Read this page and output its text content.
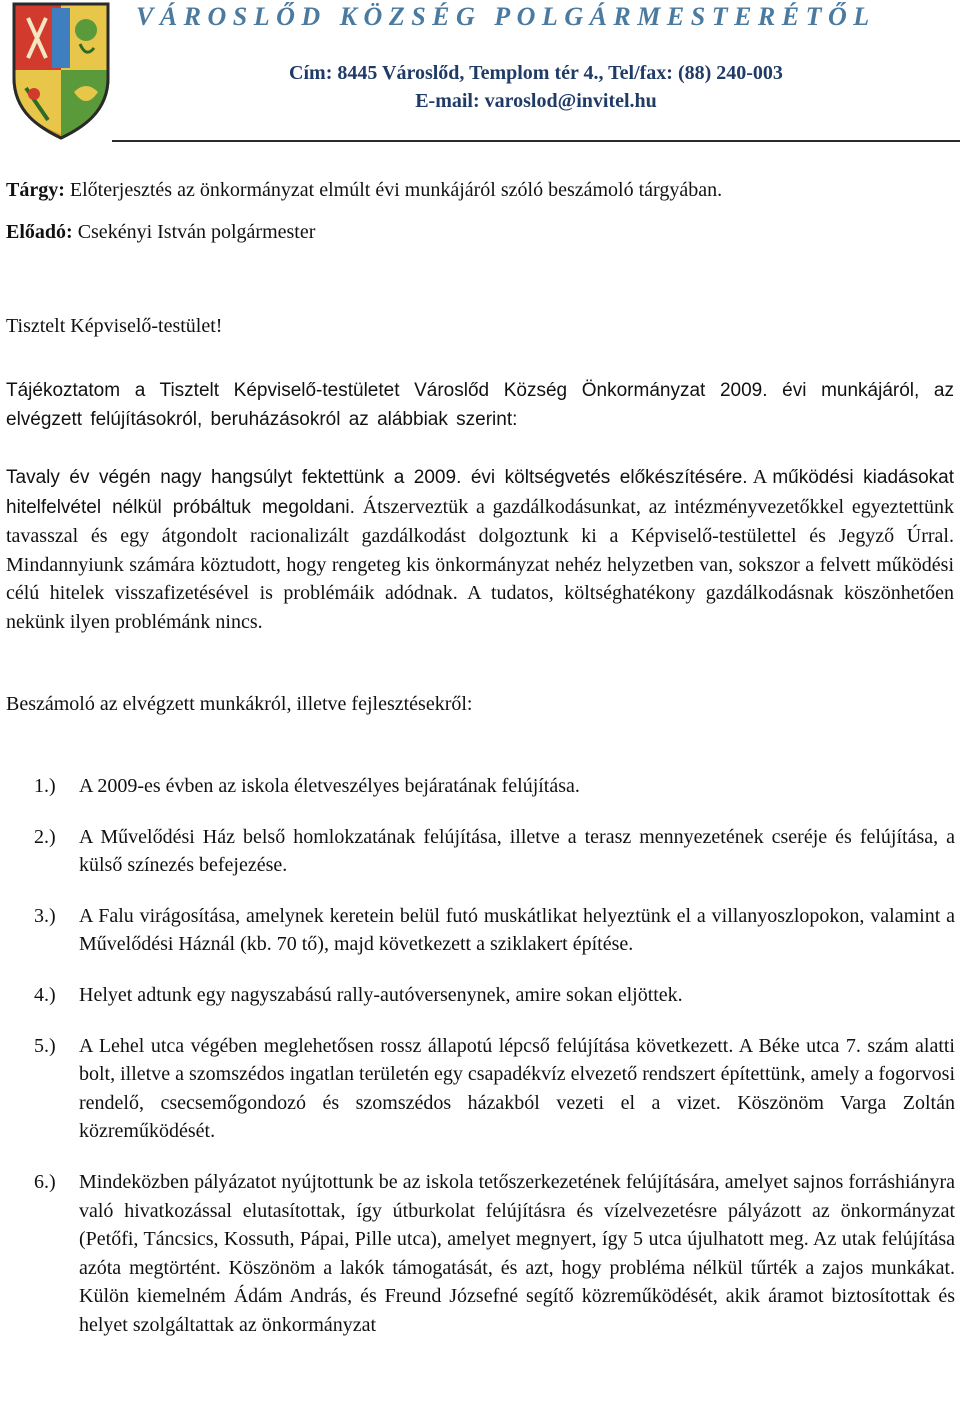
VÁROSLŐD KÖZSÉG POLGÁRMESTERÉTŐL

Cím: 8445 Városlőd, Templom tér 4., Tel/fax: (88) 240-003

E-mail: varoslod@invitel.hu

Tárgy: Előterjesztés az önkormányzat elmúlt évi munkájáról szóló beszámoló tárgyában.

Előadó: Csekényi István polgármester

Tisztelt Képviselő-testület!

Tájékoztatom a Tisztelt Képviselő-testületet Városlőd Község Önkormányzat 2009. évi munkájáról, az elvégzett felújításokról, beruházásokról az alábbiak szerint:

Tavaly év végén nagy hangsúlyt fektettünk a 2009. évi költségvetés előkészítésére. A működési kiadásokat hitelfelvétel nélkül próbáltuk megoldani. Átszerveztük a gazdálkodásunkat, az intézményvezetőkkel egyeztettünk tavasszal és egy átgondolt racionalizált gazdálkodást dolgoztunk ki a Képviselő-testülettel és Jegyző Úrral. Mindannyiunk számára köztudott, hogy rengeteg kis önkormányzat nehéz helyzetben van, sokszor a felvett működési célú hitelek visszafizetésével is problémáik adódnak. A tudatos, költséghatékony gazdálkodásnak köszönhetően nekünk ilyen problémánk nincs.

Beszámoló az elvégzett munkákról, illetve fejlesztésekről:

1.) A 2009-es évben az iskola életveszélyes bejáratának felújítása.

2.) A Művelődési Ház belső homlokzatának felújítása, illetve a terasz mennyezetének cseréje és felújítása, a külső színezés befejezése.

3.) A Falu virágosítása, amelynek keretein belül futó muskátlikat helyeztünk el a villanyoszlopokon, valamint a Művelődési Háznál (kb. 70 tő), majd következett a sziklakert építése.

4.) Helyet adtunk egy nagyszabású rally-autóversenynek, amire sokan eljöttek.

5.) A Lehel utca végében meglehetősen rossz állapotú lépcső felújítása következett. A Béke utca 7. szám alatti bolt, illetve a szomszédos ingatlan területén egy csapadékvíz elvezető rendszert építettünk, amely a fogorvosi rendelő, csecsemőgondozó és szomszédos házakból vezeti el a vizet. Köszönöm Varga Zoltán közreműködését.

6.) Mindeközben pályázatot nyújtottunk be az iskola tetőszerkezetének felújítására, amelyet sajnos forráshiányra való hivatkozással elutasítottak, így útburkolat felújításra és vízelvezetésre pályázott az önkormányzat (Petőfi, Táncsics, Kossuth, Pápai, Pille utca), amelyet megnyert, így 5 utca újulhatott meg. Az utak felújítása azóta megtörtént. Köszönöm a lakók támogatását, és azt, hogy probléma nélkül tűrték a zajos munkákat. Külön kiemelném Ádám András, és Freund Józsefné segítő közreműködését, akik áramot biztosítottak és helyet szolgáltattak az önkormányzat
